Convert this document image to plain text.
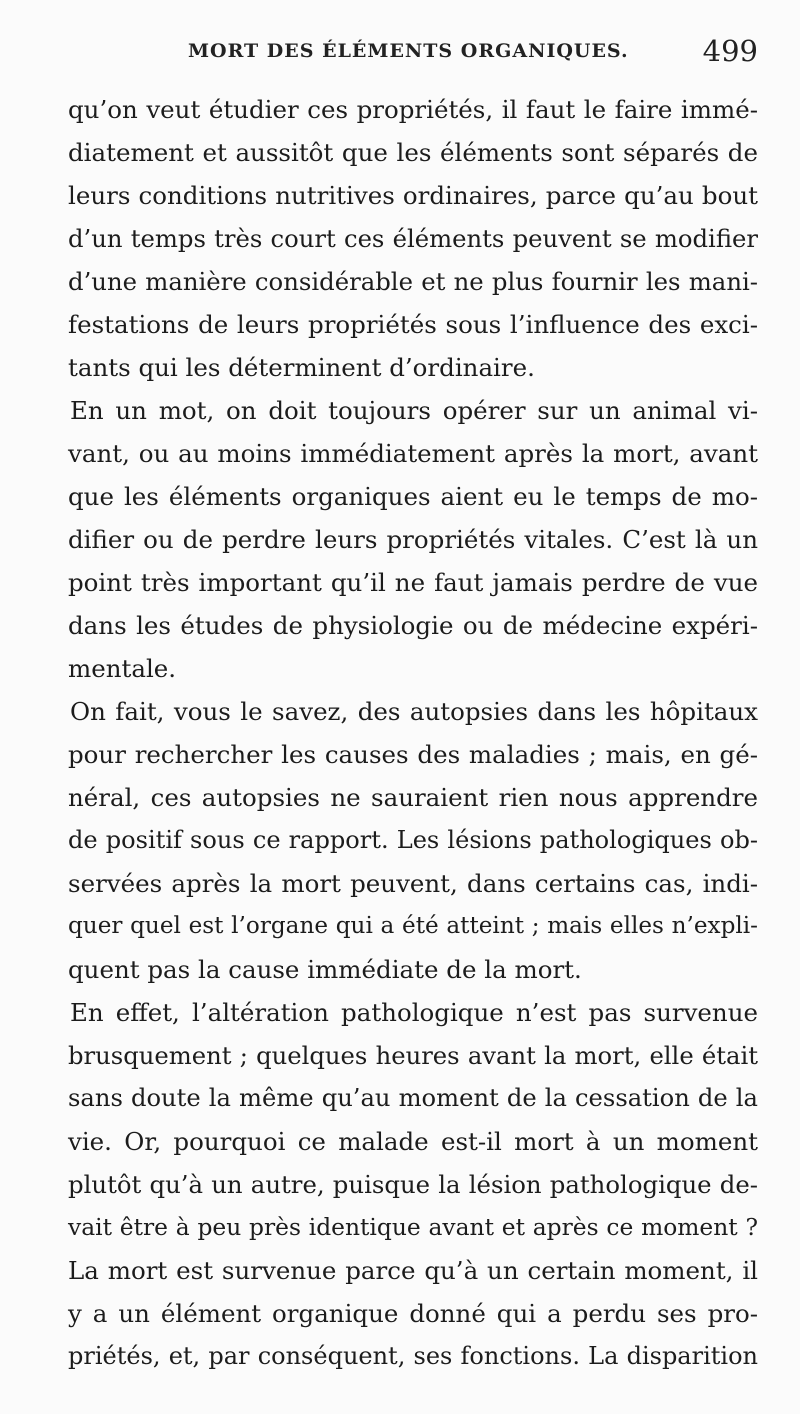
MORT DES ÉLÉMENTS ORGANIQUES.	499
qu’on veut étudier ces propriétés, il faut le faire immé-
diatement et aussitôt que les éléments sont séparés de
leurs conditions nutritives ordinaires, parce qu’au bout
d’un temps très court ces éléments peuvent se modifier
d’une manière considérable et ne plus fournir les mani-
festations de leurs propriétés sous l’influence des exci-
tants qui les déterminent d’ordinaire.
En un mot, on doit toujours opérer sur un animal vi-
vant, ou au moins immédiatement après la mort, avant
que les éléments organiques aient eu le temps de mo-
difier ou de perdre leurs propriétés vitales. C’est là un
point très important qu’il ne faut jamais perdre de vue
dans les études de physiologie ou de médecine expéri-
mentale.
On fait, vous le savez, des autopsies dans les hôpitaux
pour rechercher les causes des maladies ; mais, en gé-
néral, ces autopsies ne sauraient rien nous apprendre
de positif sous ce rapport. Les lésions pathologiques ob-
servées après la mort peuvent, dans certains cas, indi-
quer quel est l’organe qui a été atteint ; mais elles n’expli-
quent pas la cause immédiate de la mort.
En effet, l’altération pathologique n’est pas survenue
brusquement ; quelques heures avant la mort, elle était
sans doute la même qu’au moment de la cessation de la
vie. Or, pourquoi ce malade est-il mort à un moment
plutôt qu’à un autre, puisque la lésion pathologique de-
vait être à peu près identique avant et après ce moment ?
La mort est survenue parce qu’à un certain moment, il
y a un élément organique donné qui a perdu ses pro-
priétés, et, par conséquent, ses fonctions. La disparition
